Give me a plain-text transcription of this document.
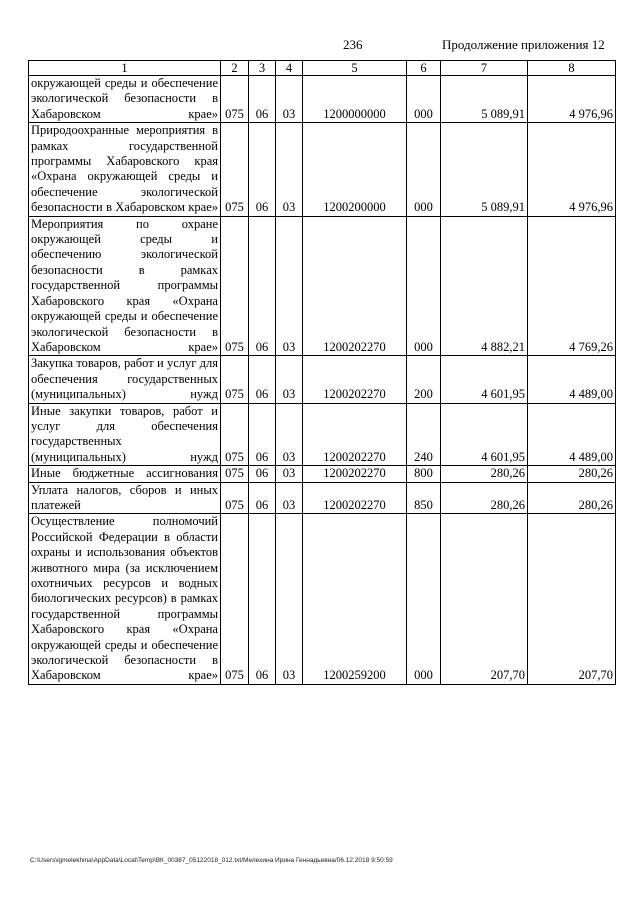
236	Продолжение приложения 12
1	2	3	4	5	6	7	8
окружающей среды и обеспечение экологической безопасности в Хабаровском крае»	075	06	03	1200000000	000	5 089,91	4 976,96
Природоохранные мероприятия в рамках государственной программы Хабаровского края «Охрана окружающей среды и обеспечение экологической безопасности в Хабаровском крае»	075	06	03	1200200000	000	5 089,91	4 976,96
Мероприятия по охране окружающей среды и обеспечению экологической безопасности в рамках государственной программы Хабаровского края «Охрана окружающей среды и обеспечение экологической безопасности в Хабаровском крае»	075	06	03	1200202270	000	4 882,21	4 769,26
Закупка товаров, работ и услуг для обеспечения государственных (муниципальных) нужд	075	06	03	1200202270	200	4 601,95	4 489,00
Иные закупки товаров, работ и услуг для обеспечения государственных (муниципальных) нужд	075	06	03	1200202270	240	4 601,95	4 489,00
Иные бюджетные ассигнования	075	06	03	1200202270	800	280,26	280,26
Уплата налогов, сборов и иных платежей	075	06	03	1200202270	850	280,26	280,26
Осуществление полномочий Российской Федерации в области охраны и использования объектов животного мира (за исключением охотничьих ресурсов и водных биологических ресурсов) в рамках государственной программы Хабаровского края «Охрана окружающей среды и обеспечение экологической безопасности в Хабаровском крае»	075	06	03	1200259200	000	207,70	207,70
C:\Users\igmelekhina\AppData\Local\Temp\ВК_00387_05122018_012.txt/Мелехина Ирина Геннадьевна/06.12.2018 9:50:59
